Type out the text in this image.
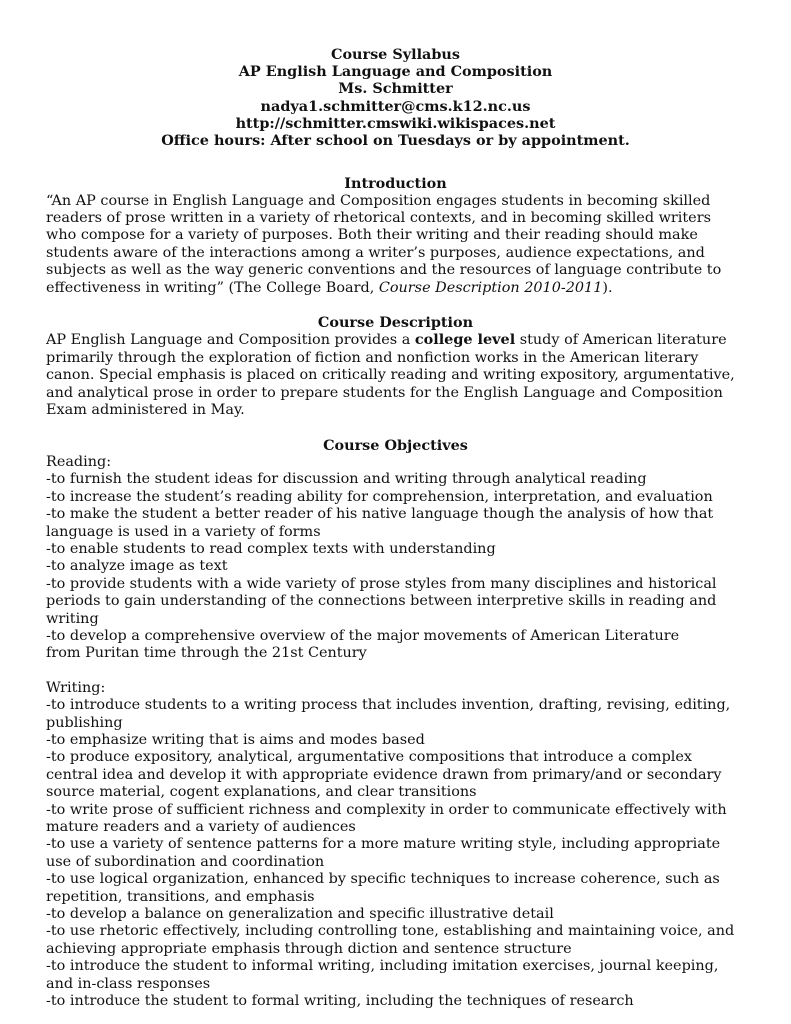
Course Syllabus
AP English Language and Composition
Ms. Schmitter
nadya1.schmitter@cms.k12.nc.us
http://schmitter.cmswiki.wikispaces.net
Office hours: After school on Tuesdays or by appointment.
Introduction

“An AP course in English Language and Composition engages students in becoming skilled readers of prose written in a variety of rhetorical contexts, and in becoming skilled writers who compose for a variety of purposes. Both their writing and their reading should make students aware of the interactions among a writer’s purposes, audience expectations, and subjects as well as the way generic conventions and the resources of language contribute to effectiveness in writing” (The College Board, Course Description 2010-2011).

Course Description

AP English Language and Composition provides a college level study of American literature primarily through the exploration of fiction and nonfiction works in the American literary canon. Special emphasis is placed on critically reading and writing expository, argumentative, and analytical prose in order to prepare students for the English Language and Composition Exam administered in May.

Course Objectives
Reading:
-to furnish the student ideas for discussion and writing through analytical reading
-to increase the student’s reading ability for comprehension, interpretation, and evaluation
-to make the student a better reader of his native language though the analysis of how that language is used in a variety of forms
-to enable students to read complex texts with understanding
-to analyze image as text
-to provide students with a wide variety of prose styles from many disciplines and historical periods to gain understanding of the connections between interpretive skills in reading and writing
-to develop a comprehensive overview of the major movements of American Literature
from Puritan time through the 21st Century
Writing:
-to introduce students to a writing process that includes invention, drafting, revising, editing, publishing
-to emphasize writing that is aims and modes based
-to produce expository, analytical, argumentative compositions that introduce a complex central idea and develop it with appropriate evidence drawn from primary/and or secondary source material, cogent explanations, and clear transitions
-to write prose of sufficient richness and complexity in order to communicate effectively with mature readers and a variety of audiences
-to use a variety of sentence patterns for a more mature writing style, including appropriate use of subordination and coordination
-to use logical organization, enhanced by specific techniques to increase coherence, such as repetition, transitions, and emphasis
-to develop a balance on generalization and specific illustrative detail
-to use rhetoric effectively, including controlling tone, establishing and maintaining voice, and achieving appropriate emphasis through diction and sentence structure
-to introduce the student to informal writing, including imitation exercises, journal keeping, and in-class responses
-to introduce the student to formal writing, including the techniques of research
